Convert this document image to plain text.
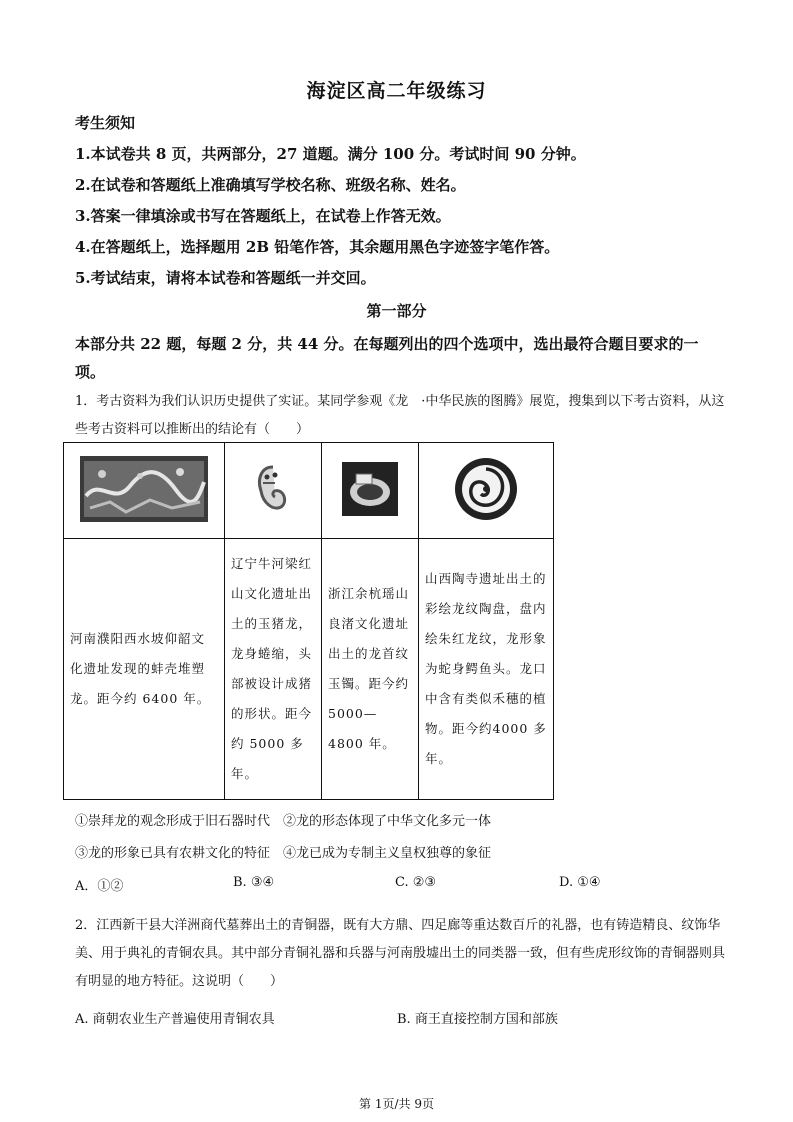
海淀区高二年级练习
考生须知
1.本试卷共 8 页，共两部分，27 道题。满分 100 分。考试时间 90 分钟。
2.在试卷和答题纸上准确填写学校名称、班级名称、姓名。
3.答案一律填涂或书写在答题纸上，在试卷上作答无效。
4.在答题纸上，选择题用 2B 铅笔作答，其余题用黑色字迹签字笔作答。
5.考试结束，请将本试卷和答题纸一并交回。
第一部分
本部分共 22 题，每题 2 分，共 44 分。在每题列出的四个选项中，选出最符合题目要求的一项。
1．考古资料为我们认识历史提供了实证。某同学参观《龙　·中华民族的图腾》展览，搜集到以下考古资料，从这些考古资料可以推断出的结论有（　　）

河南濮阳西水坡仰韶文化遗址发现的蚌壳堆塑龙。距今约 6400 年。	辽宁牛河梁红山文化遗址出土的玉猪龙，龙身蜷缩，头部被设计成猪的形状。距今约 5000 多年。	浙江余杭瑶山良渚文化遗址出土的龙首纹玉镯。距今约 5000—4800 年。	山西陶寺遗址出土的彩绘龙纹陶盘，盘内绘朱红龙纹，龙形象为蛇身鳄鱼头。龙口中含有类似禾穗的植物。距今约4000 多年。
①崇拜龙的观念形成于旧石器时代　②龙的形态体现了中华文化多元一体
③龙的形象已具有农耕文化的特征　④龙已成为专制主义皇权独尊的象征
A．①②	B. ③④	C. ②③	D. ①④
2．江西新干县大洋洲商代墓葬出土的青铜器，既有大方鼎、四足廊等重达数百斤的礼器，也有铸造精良、纹饰华美、用于典礼的青铜农具。其中部分青铜礼器和兵器与河南殷墟出土的同类器一致，但有些虎形纹饰的青铜器则具有明显的地方特征。这说明（　　）
A. 商朝农业生产普遍使用青铜农具	B. 商王直接控制方国和部族
第 1页/共 9页
